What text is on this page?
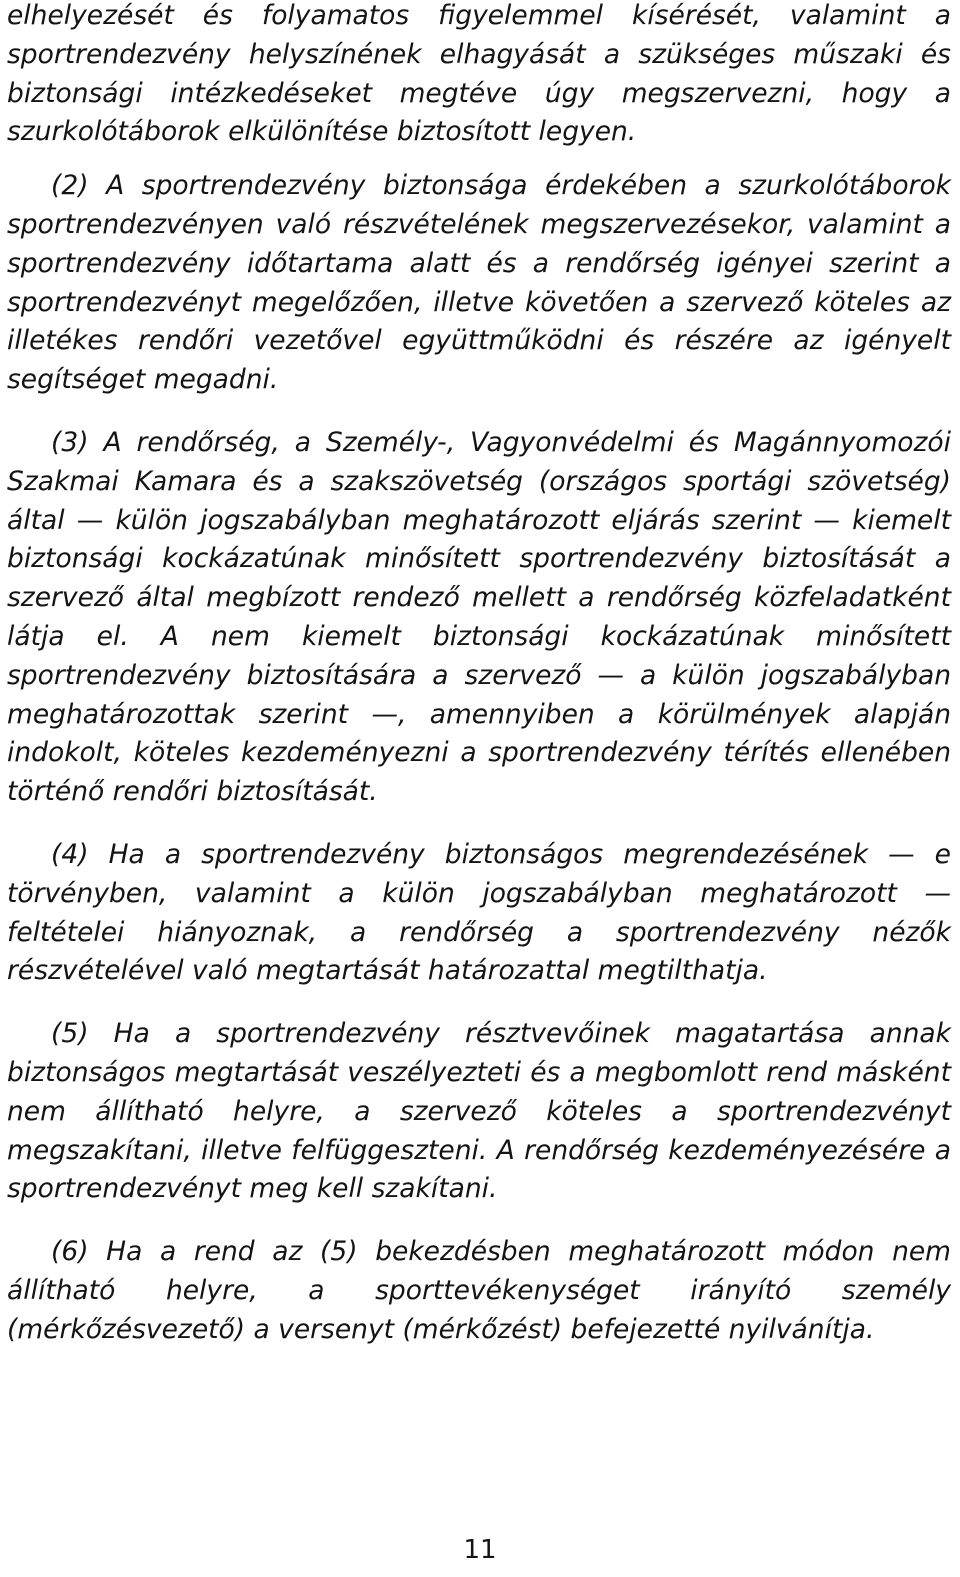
elhelyezését és folyamatos figyelemmel kísérését, valamint a sportrendezvény helyszínének elhagyását a szükséges műszaki és biztonsági intézkedéseket megtéve úgy megszervezni, hogy a szurkolótáborok elkülönítése biztosított legyen.

(2) A sportrendezvény biztonsága érdekében a szurkolótáborok sportrendezvényen való részvételének megszervezésekor, valamint a sportrendezvény időtartama alatt és a rendőrség igényei szerint a sportrendezvényt megelőzően, illetve követően a szervező köteles az illetékes rendőri vezetővel együttműködni és részére az igényelt segítséget megadni.

(3) A rendőrség, a Személy-, Vagyonvédelmi és Magánnyomozói Szakmai Kamara és a szakszövetség (országos sportági szövetség) által — külön jogszabályban meghatározott eljárás szerint — kiemelt biztonsági kockázatúnak minősített sportrendezvény biztosítását a szervező által megbízott rendező mellett a rendőrség közfeladatként látja el. A nem kiemelt biztonsági kockázatúnak minősített sportrendezvény biztosítására a szervező — a külön jogszabályban meghatározottak szerint —, amennyiben a körülmények alapján indokolt, köteles kezdeményezni a sportrendezvény térítés ellenében történő rendőri biztosítását.

(4) Ha a sportrendezvény biztonságos megrendezésének — e törvényben, valamint a külön jogszabályban meghatározott — feltételei hiányoznak, a rendőrség a sportrendezvény nézők részvételével való megtartását határozattal megtilthatja.

(5) Ha a sportrendezvény résztvevőinek magatartása annak biztonságos megtartását veszélyezteti és a megbomlott rend másként nem állítható helyre, a szervező köteles a sportrendezvényt megszakítani, illetve felfüggeszteni. A rendőrség kezdeményezésére a sportrendezvényt meg kell szakítani.

(6) Ha a rend az (5) bekezdésben meghatározott módon nem állítható helyre, a sporttevékenységet irányító személy (mérkőzésvezető) a versenyt (mérkőzést) befejezetté nyilvánítja.

11
